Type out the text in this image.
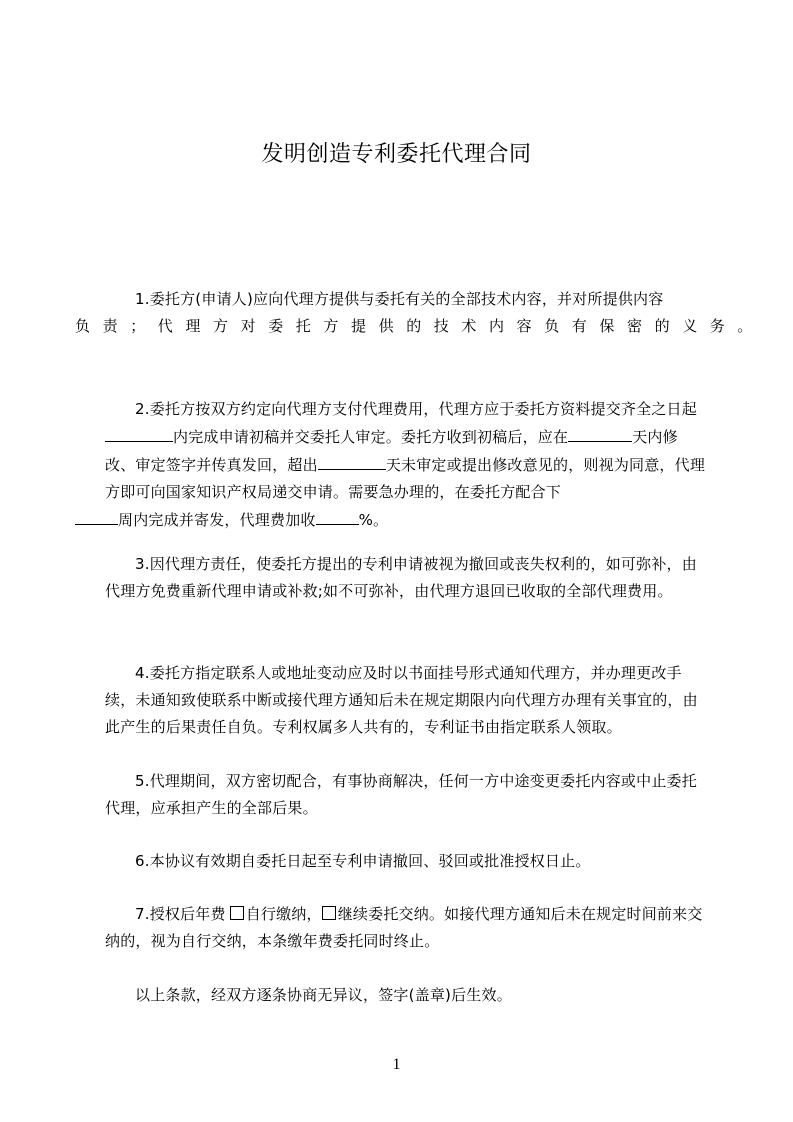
发明创造专利委托代理合同
1.委托方(申请人)应向代理方提供与委托有关的全部技术内容，并对所提供内容

负责；代理方对委托方提供的技术内容负有保密的义务。
2.委托方按双方约定向代理方支付代理费用，代理方应于委托方资料提交齐全之日起内完成申请初稿并交委托人审定。委托方收到初稿后，应在	天内修改、审定签字并传真发回，超出	天未审定或提出修改意见的，则视为同意，代理方即可向国家知识产权局递交申请。需要急办理的，在委托方配合下
周内完成并寄发，代理费加收	%。
3.因代理方责任，使委托方提出的专利申请被视为撤回或丧失权利的，如可弥补，由代理方免费重新代理申请或补救;如不可弥补，由代理方退回已收取的全部代理费用。
4.委托方指定联系人或地址变动应及时以书面挂号形式通知代理方，并办理更改手续，未通知致使联系中断或接代理方通知后未在规定期限内向代理方办理有关事宜的，由此产生的后果责任自负。专利权属多人共有的，专利证书由指定联系人领取。
5.代理期间，双方密切配合，有事协商解决，任何一方中途变更委托内容或中止委托代理，应承担产生的全部后果。
6.本协议有效期自委托日起至专利申请撤回、驳回或批准授权日止。
7.授权后年费 自行缴纳， 继续委托交纳。如接代理方通知后未在规定时间前来交纳的，视为自行交纳，本条缴年费委托同时终止。
以上条款，经双方逐条协商无异议，签字(盖章)后生效。
1
